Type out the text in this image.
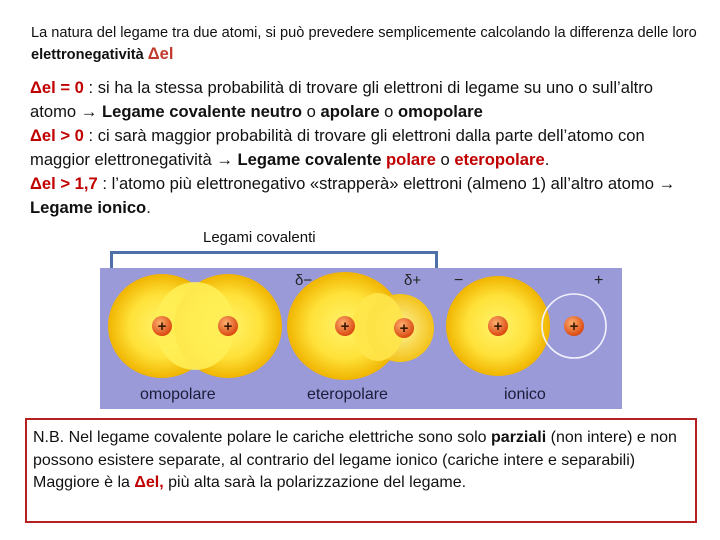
La natura del legame tra due atomi, si può prevedere semplicemente calcolando la differenza delle loro elettronegatività Δel
Δel = 0 : si ha la stessa probabilità di trovare gli elettroni di legame su uno o sull’altro atomo → Legame covalente neutro o apolare o omopolare
Δel > 0 : ci sarà maggior probabilità di trovare gli elettroni dalla parte dell’atomo con maggior elettronegatività → Legame covalente polare o eteropolare.
Δel > 1,7 : l’atomo più elettronegativo «strapperà» elettroni (almeno 1) all’altro atomo → Legame ionico.
Legami covalenti
+	+	+	+
δ−	δ+
+	+
−	+
omopolare	eteropolare	ionico
N.B. Nel legame covalente polare le cariche elettriche sono solo parziali (non intere) e non possono esistere separate, al contrario del legame ionico (cariche intere e separabili)
Maggiore è la Δel, più alta sarà la polarizzazione del legame.
